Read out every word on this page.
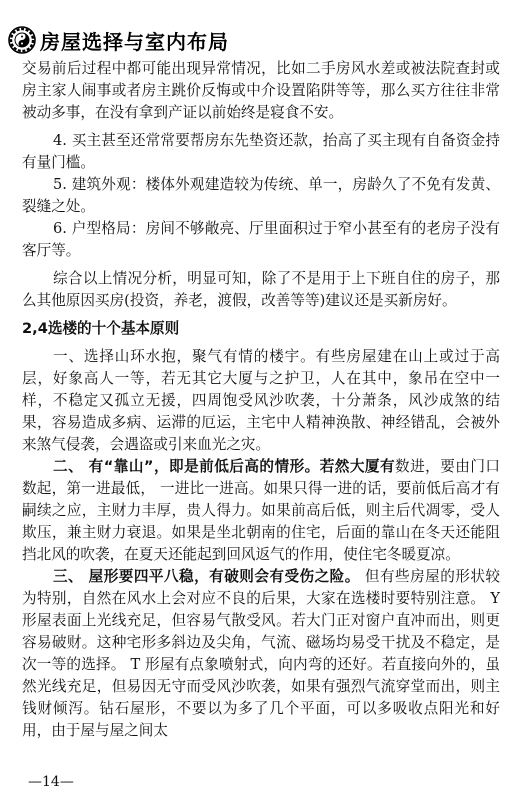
房屋选择与室内布局

交易前后过程中都可能出现异常情况，比如二手房风水差或被法院查封或房主家人闹事或者房主跳价反悔或中介设置陷阱等等，那么买方往往非常被动多事，在没有拿到产证以前始终是寝食不安。

4. 买主甚至还常常要帮房东先垫资还款，抬高了买主现有自备资金持有量门槛。

5. 建筑外观：楼体外观建造较为传统、单一，房龄久了不免有发黄、裂缝之处。

6. 户型格局：房间不够敞亮、厅里面积过于窄小甚至有的老房子没有客厅等。

综合以上情况分析，明显可知，除了不是用于上下班自住的房子，那么其他原因买房(投资，养老，渡假，改善等等)建议还是买新房好。

2,4选楼的十个基本原则

一、选择山环水抱，聚气有情的楼宇。有些房屋建在山上或过于高层，好象高人一等，若无其它大厦与之护卫，人在其中，象吊在空中一样，不稳定又孤立无援，四周饱受风沙吹袭，十分萧条，风沙成煞的结果，容易造成多病、运滞的厄运，主宅中人精神涣散、神经错乱，会被外来煞气侵袭，会遇盗或引来血光之灾。

二、 有“靠山”，即是前低后高的情形。若然大厦有数进，要由门口数起，第一进最低， 一进比一进高。如果只得一进的话，要前低后高才有嗣续之应，主财力丰厚，贵人得力。如果前高后低，则主后代凋零，受人欺压，兼主财力衰退。如果是坐北朝南的住宅，后面的靠山在冬天还能阻挡北风的吹袭，在夏天还能起到回风返气的作用，使住宅冬暖夏凉。

三、 屋形要四平八稳，有破则会有受伤之险。 但有些房屋的形状较为特别，自然在风水上会对应不良的后果，大家在选楼时要特别注意。 Y 形屋表面上光线充足，但容易气散受风。若大门正对窗户直冲而出，则更容易破财。这种宅形多斜边及尖角，气流、磁场均易受干扰及不稳定，是次一等的选择。 T 形屋有点象喷射式，向内弯的还好。若直接向外的，虽然光线充足，但易因无守而受风沙吹袭，如果有强烈气流穿堂而出，则主钱财倾泻。钻石屋形，不要以为多了几个平面，可以多吸收点阳光和好用，由于屋与屋之间太

—14—
